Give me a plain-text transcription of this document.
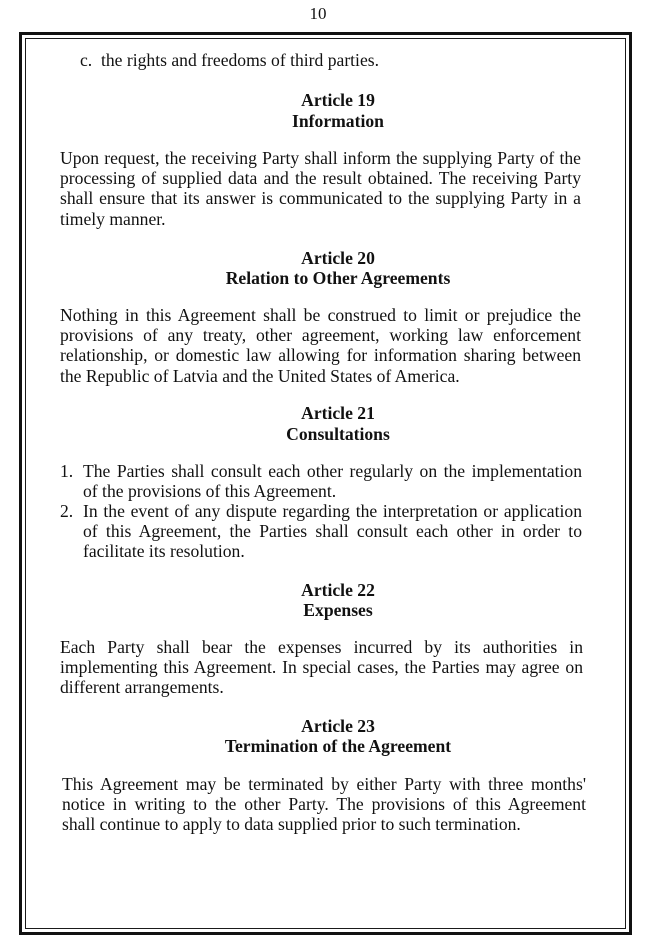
10
c. the rights and freedoms of third parties.
Article 19
Information
Upon request, the receiving Party shall inform the supplying Party of the
processing of supplied data and the result obtained. The receiving Party
shall ensure that its answer is communicated to the supplying Party in a
timely manner.
Article 20
Relation to Other Agreements
Nothing in this Agreement shall be construed to limit or prejudice the
provisions of any treaty, other agreement, working law enforcement
relationship, or domestic law allowing for information sharing between
the Republic of Latvia and the United States of America.
Article 21
Consultations
1. The Parties shall consult each other regularly on the implementation
of the provisions of this Agreement.
2. In the event of any dispute regarding the interpretation or application
of this Agreement, the Parties shall consult each other in order to
facilitate its resolution.
Article 22
Expenses
Each Party shall bear the expenses incurred by its authorities in
implementing this Agreement. In special cases, the Parties may agree on
different arrangements.
Article 23
Termination of the Agreement
This Agreement may be terminated by either Party with three months'
notice in writing to the other Party. The provisions of this Agreement
shall continue to apply to data supplied prior to such termination.
